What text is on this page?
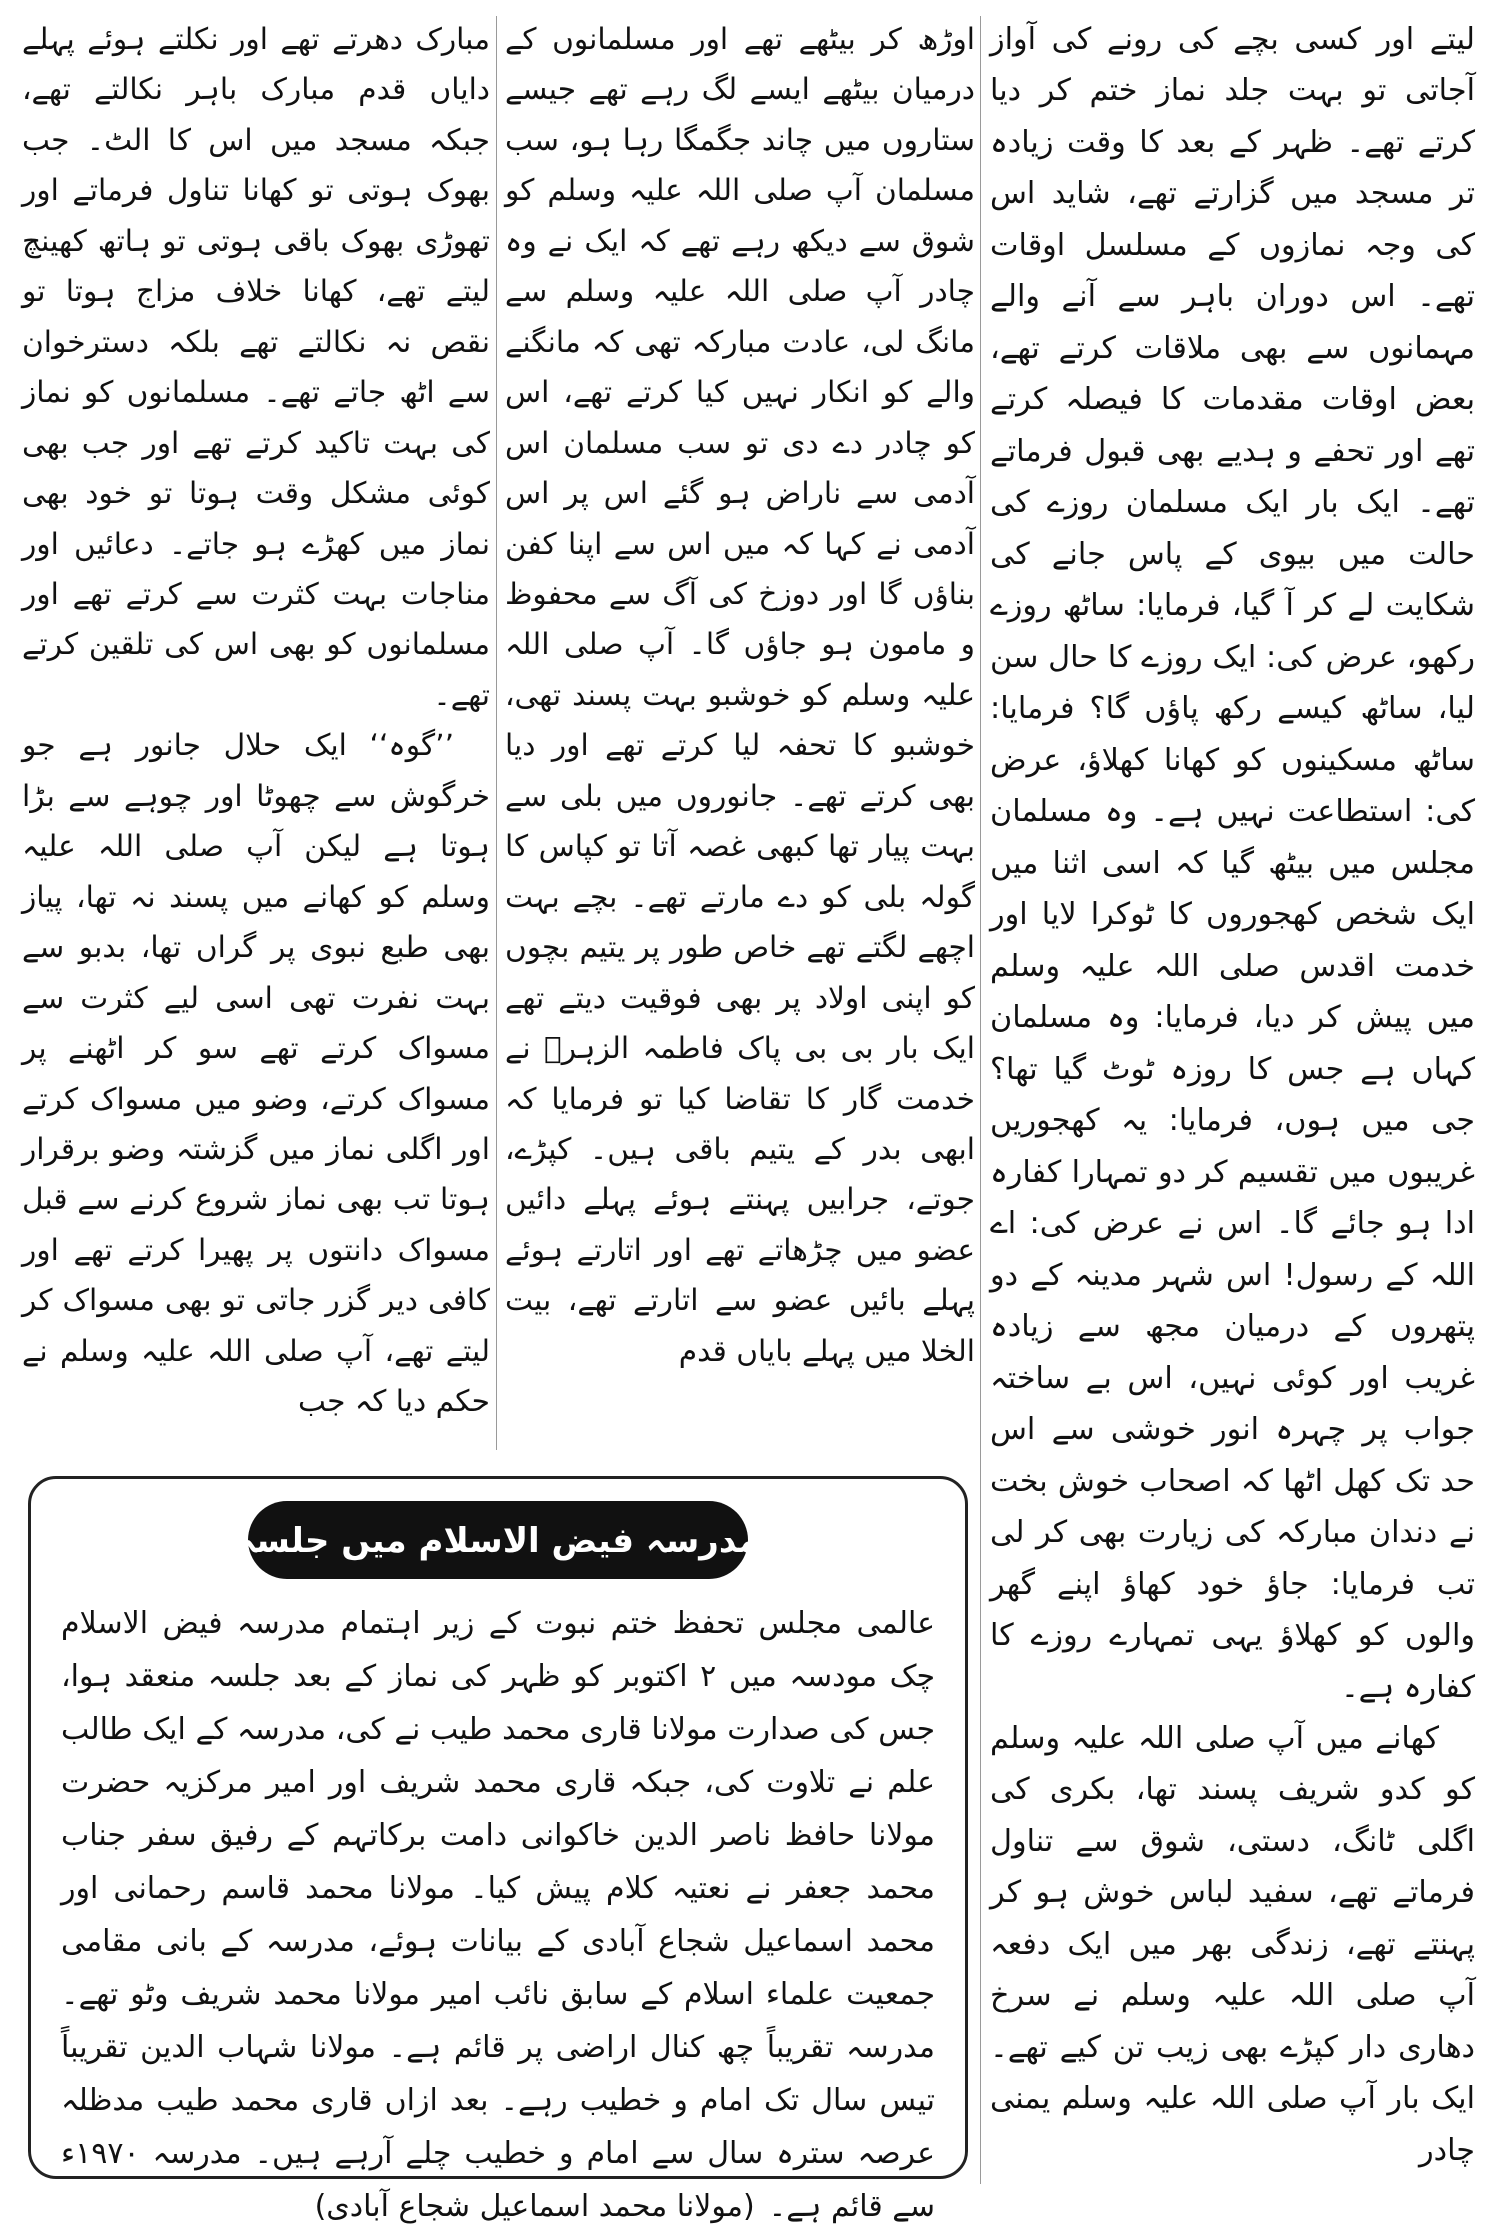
لیتے اور کسی بچے کی رونے کی آواز آجاتی تو بہت جلد نماز ختم کر دیا کرتے تھے۔ ظہر کے بعد کا وقت زیادہ تر مسجد میں گزارتے تھے، شاید اس کی وجہ نمازوں کے مسلسل اوقات تھے۔ اس دوران باہر سے آنے والے مہمانوں سے بھی ملاقات کرتے تھے، بعض اوقات مقدمات کا فیصلہ کرتے تھے اور تحفے و ہدیے بھی قبول فرماتے تھے۔ ایک بار ایک مسلمان روزے کی حالت میں بیوی کے پاس جانے کی شکایت لے کر آ گیا، فرمایا: ساٹھ روزے رکھو، عرض کی: ایک روزے کا حال سن لیا، ساٹھ کیسے رکھ پاؤں گا؟ فرمایا: ساٹھ مسکینوں کو کھانا کھلاؤ، عرض کی: استطاعت نہیں ہے۔ وہ مسلمان مجلس میں بیٹھ گیا کہ اسی اثنا میں ایک شخص کھجوروں کا ٹوکرا لایا اور خدمت اقدس صلی اللہ علیہ وسلم میں پیش کر دیا، فرمایا: وہ مسلمان کہاں ہے جس کا روزہ ٹوٹ گیا تھا؟ جی میں ہوں، فرمایا: یہ کھجوریں غریبوں میں تقسیم کر دو تمہارا کفارہ ادا ہو جائے گا۔ اس نے عرض کی: اے اللہ کے رسول! اس شہر مدینہ کے دو پتھروں کے درمیان مجھ سے زیادہ غریب اور کوئی نہیں، اس بے ساختہ جواب پر چہرہ انور خوشی سے اس حد تک کھل اٹھا کہ اصحاب خوش بخت نے دندان مبارکہ کی زیارت بھی کر لی تب فرمایا: جاؤ خود کھاؤ اپنے گھر والوں کو کھلاؤ یہی تمہارے روزے کا کفارہ ہے۔

کھانے میں آپ صلی اللہ علیہ وسلم کو کدو شریف پسند تھا، بکری کی اگلی ٹانگ، دستی، شوق سے تناول فرماتے تھے، سفید لباس خوش ہو کر پہنتے تھے، زندگی بھر میں ایک دفعہ آپ صلی اللہ علیہ وسلم نے سرخ دھاری دار کپڑے بھی زیب تن کیے تھے۔ ایک بار آپ صلی اللہ علیہ وسلم یمنی چادر

اوڑھ کر بیٹھے تھے اور مسلمانوں کے درمیان بیٹھے ایسے لگ رہے تھے جیسے ستاروں میں چاند جگمگا رہا ہو، سب مسلمان آپ صلی اللہ علیہ وسلم کو شوق سے دیکھ رہے تھے کہ ایک نے وہ چادر آپ صلی اللہ علیہ وسلم سے مانگ لی، عادت مبارکہ تھی کہ مانگنے والے کو انکار نہیں کیا کرتے تھے، اس کو چادر دے دی تو سب مسلمان اس آدمی سے ناراض ہو گئے اس پر اس آدمی نے کہا کہ میں اس سے اپنا کفن بناؤں گا اور دوزخ کی آگ سے محفوظ و مامون ہو جاؤں گا۔ آپ صلی اللہ علیہ وسلم کو خوشبو بہت پسند تھی، خوشبو کا تحفہ لیا کرتے تھے اور دیا بھی کرتے تھے۔ جانوروں میں بلی سے بہت پیار تھا کبھی غصہ آتا تو کپاس کا گولہ بلی کو دے مارتے تھے۔ بچے بہت اچھے لگتے تھے خاص طور پر یتیم بچوں کو اپنی اولاد پر بھی فوقیت دیتے تھے ایک بار بی بی پاک فاطمہ الزہرؓ نے خدمت گار کا تقاضا کیا تو فرمایا کہ ابھی بدر کے یتیم باقی ہیں۔ کپڑے، جوتے، جرابیں پہنتے ہوئے پہلے دائیں عضو میں چڑھاتے تھے اور اتارتے ہوئے پہلے بائیں عضو سے اتارتے تھے، بیت الخلا میں پہلے بایاں قدم

مبارک دھرتے تھے اور نکلتے ہوئے پہلے دایاں قدم مبارک باہر نکالتے تھے، جبکہ مسجد میں اس کا الٹ۔ جب بھوک ہوتی تو کھانا تناول فرماتے اور تھوڑی بھوک باقی ہوتی تو ہاتھ کھینچ لیتے تھے، کھانا خلاف مزاج ہوتا تو نقص نہ نکالتے تھے بلکہ دسترخوان سے اٹھ جاتے تھے۔ مسلمانوں کو نماز کی بہت تاکید کرتے تھے اور جب بھی کوئی مشکل وقت ہوتا تو خود بھی نماز میں کھڑے ہو جاتے۔ دعائیں اور مناجات بہت کثرت سے کرتے تھے اور مسلمانوں کو بھی اس کی تلقین کرتے تھے۔

’’گوہ‘‘ ایک حلال جانور ہے جو خرگوش سے چھوٹا اور چوہے سے بڑا ہوتا ہے لیکن آپ صلی اللہ علیہ وسلم کو کھانے میں پسند نہ تھا، پیاز بھی طبع نبوی پر گراں تھا، بدبو سے بہت نفرت تھی اسی لیے کثرت سے مسواک کرتے تھے سو کر اٹھنے پر مسواک کرتے، وضو میں مسواک کرتے اور اگلی نماز میں گزشتہ وضو برقرار ہوتا تب بھی نماز شروع کرنے سے قبل مسواک دانتوں پر پھیرا کرتے تھے اور کافی دیر گزر جاتی تو بھی مسواک کر لیتے تھے، آپ صلی اللہ علیہ وسلم نے حکم دیا کہ جب

مدرسہ فیض الاسلام میں جلسہ

عالمی مجلس تحفظ ختم نبوت کے زیر اہتمام مدرسہ فیض الاسلام چک مودسہ میں ۲ اکتوبر کو ظہر کی نماز کے بعد جلسہ منعقد ہوا، جس کی صدارت مولانا قاری محمد طیب نے کی، مدرسہ کے ایک طالب علم نے تلاوت کی، جبکہ قاری محمد شریف اور امیر مرکزیہ حضرت مولانا حافظ ناصر الدین خاکوانی دامت برکاتہم کے رفیق سفر جناب محمد جعفر نے نعتیہ کلام پیش کیا۔ مولانا محمد قاسم رحمانی اور محمد اسماعیل شجاع آبادی کے بیانات ہوئے، مدرسہ کے بانی مقامی جمعیت علماء اسلام کے سابق نائب امیر مولانا محمد شریف وٹو تھے۔ مدرسہ تقریباً چھ کنال اراضی پر قائم ہے۔ مولانا شہاب الدین تقریباً تیس سال تک امام و خطیب رہے۔ بعد ازاں قاری محمد طیب مدظلہ عرصہ سترہ سال سے امام و خطیب چلے آرہے ہیں۔ مدرسہ ۱۹۷۰ء سے قائم ہے۔(مولانا محمد اسماعیل شجاع آبادی)
